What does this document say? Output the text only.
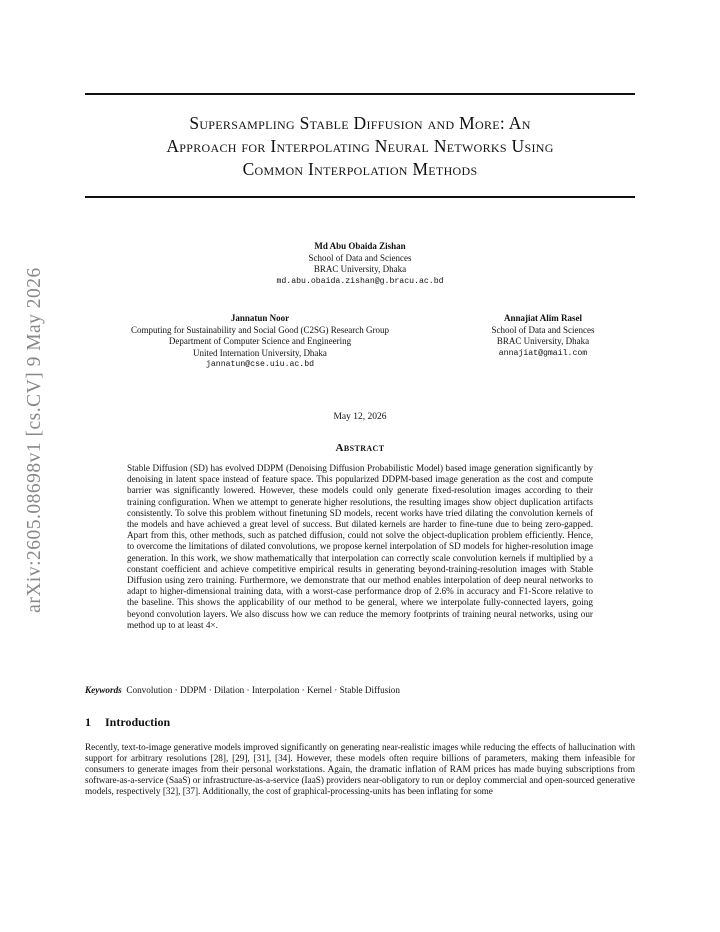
arXiv:2605.08698v1 [cs.CV] 9 May 2026
Supersampling Stable Diffusion and More: An
Approach for Interpolating Neural Networks Using
Common Interpolation Methods
Md Abu Obaida Zishan
School of Data and Sciences
BRAC University, Dhaka
md.abu.obaida.zishan@g.bracu.ac.bd
Jannatun Noor
Computing for Sustainability and Social Good (C2SG) Research Group
Department of Computer Science and Engineering
United Internation University, Dhaka
jannatun@cse.uiu.ac.bd
Annajiat Alim Rasel
School of Data and Sciences
BRAC University, Dhaka
annajiat@gmail.com
May 12, 2026
Abstract

Stable Diffusion (SD) has evolved DDPM (Denoising Diffusion Probabilistic Model) based image generation significantly by denoising in latent space instead of feature space. This popularized DDPM-based image generation as the cost and compute barrier was significantly lowered. However, these models could only generate fixed-resolution images according to their training configuration. When we attempt to generate higher resolutions, the resulting images show object duplication artifacts consistently. To solve this problem without finetuning SD models, recent works have tried dilating the convolution kernels of the models and have achieved a great level of success. But dilated kernels are harder to fine-tune due to being zero-gapped. Apart from this, other methods, such as patched diffusion, could not solve the object-duplication problem efficiently. Hence, to overcome the limitations of dilated convolutions, we propose kernel interpolation of SD models for higher-resolution image generation. In this work, we show mathematically that interpolation can correctly scale convolution kernels if multiplied by a constant coefficient and achieve competitive empirical results in generating beyond-training-resolution images with Stable Diffusion using zero training. Furthermore, we demonstrate that our method enables interpolation of deep neural networks to adapt to higher-dimensional training data, with a worst-case performance drop of 2.6% in accuracy and F1-Score relative to the baseline. This shows the applicability of our method to be general, where we interpolate fully-connected layers, going beyond convolution layers. We also discuss how we can reduce the memory footprints of training neural networks, using our method up to at least 4×.

Keywords Convolution · DDPM · Dilation · Interpolation · Kernel · Stable Diffusion
1 Introduction

Recently, text-to-image generative models improved significantly on generating near-realistic images while reducing the effects of hallucination with support for arbitrary resolutions [28], [29], [31], [34]. However, these models often require billions of parameters, making them infeasible for consumers to generate images from their personal workstations. Again, the dramatic inflation of RAM prices has made buying subscriptions from software-as-a-service (SaaS) or infrastructure-as-a-service (IaaS) providers near-obligatory to run or deploy commercial and open-sourced generative models, respectively [32], [37]. Additionally, the cost of graphical-processing-units has been inflating for some
